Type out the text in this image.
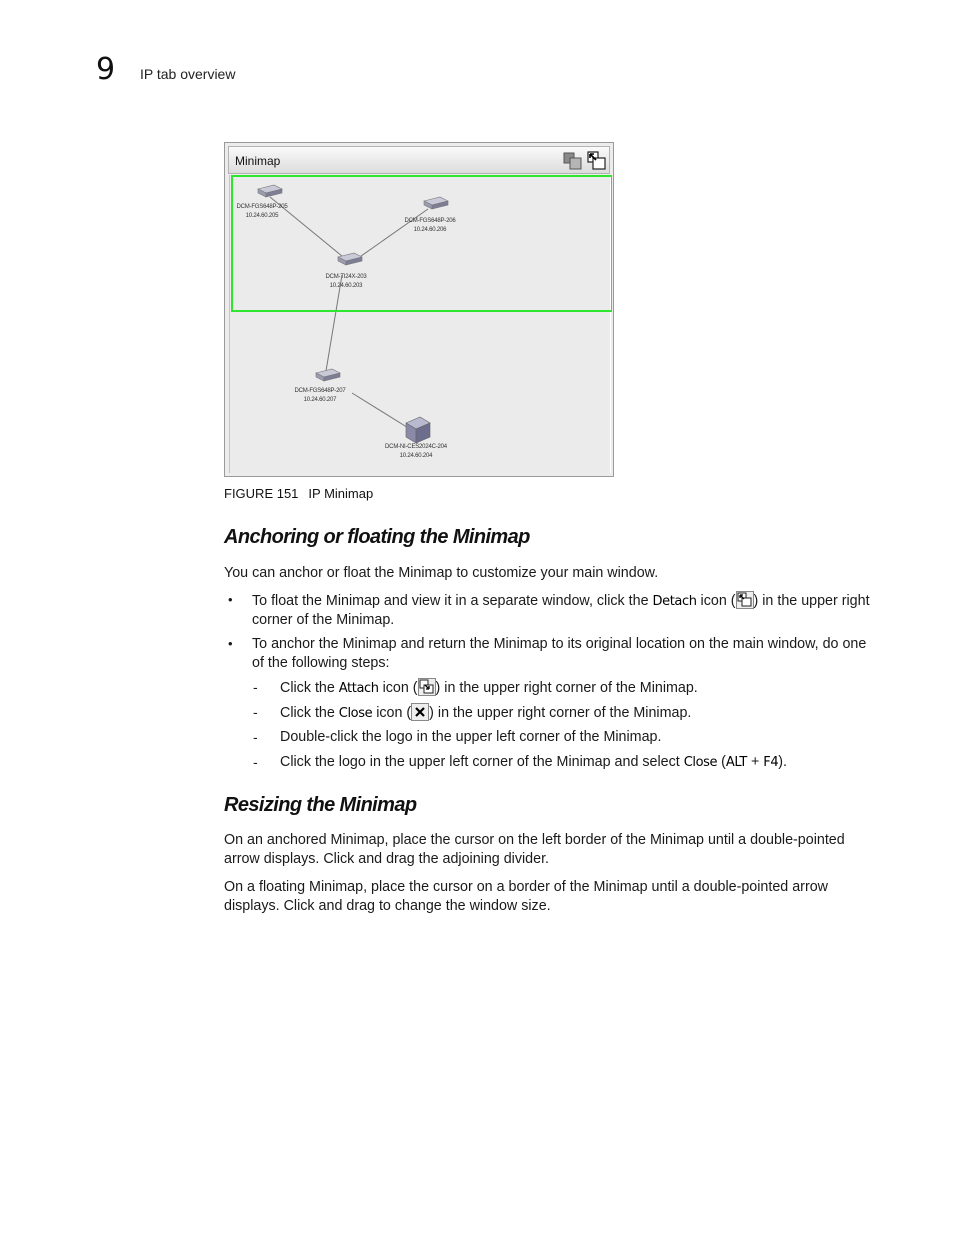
9 IP tab overview
Minimap
DCM-FGS648P-205
10.24.60.205
DCM-FGS648P-206
10.24.60.206
DCM-TI24X-203
10.24.60.203
DCM-FGS648P-207
10.24.60.207
DCM-NI-CES2024C-204
10.24.60.204
FIGURE 151 IP Minimap
Anchoring or floating the Minimap
You can anchor or float the Minimap to customize your main window.
• To float the Minimap and view it in a separate window, click the Detach icon ( ) in the upper right corner of the Minimap.
• To anchor the Minimap and return the Minimap to its original location on the main window, do one of the following steps:
- Click the Attach icon ( ) in the upper right corner of the Minimap.
- Click the Close icon ( ) in the upper right corner of the Minimap.
- Double-click the logo in the upper left corner of the Minimap.
- Click the logo in the upper left corner of the Minimap and select Close (ALT + F4).
Resizing the Minimap
On an anchored Minimap, place the cursor on the left border of the Minimap until a double-pointed arrow displays. Click and drag the adjoining divider.
On a floating Minimap, place the cursor on a border of the Minimap until a double-pointed arrow displays. Click and drag to change the window size.
